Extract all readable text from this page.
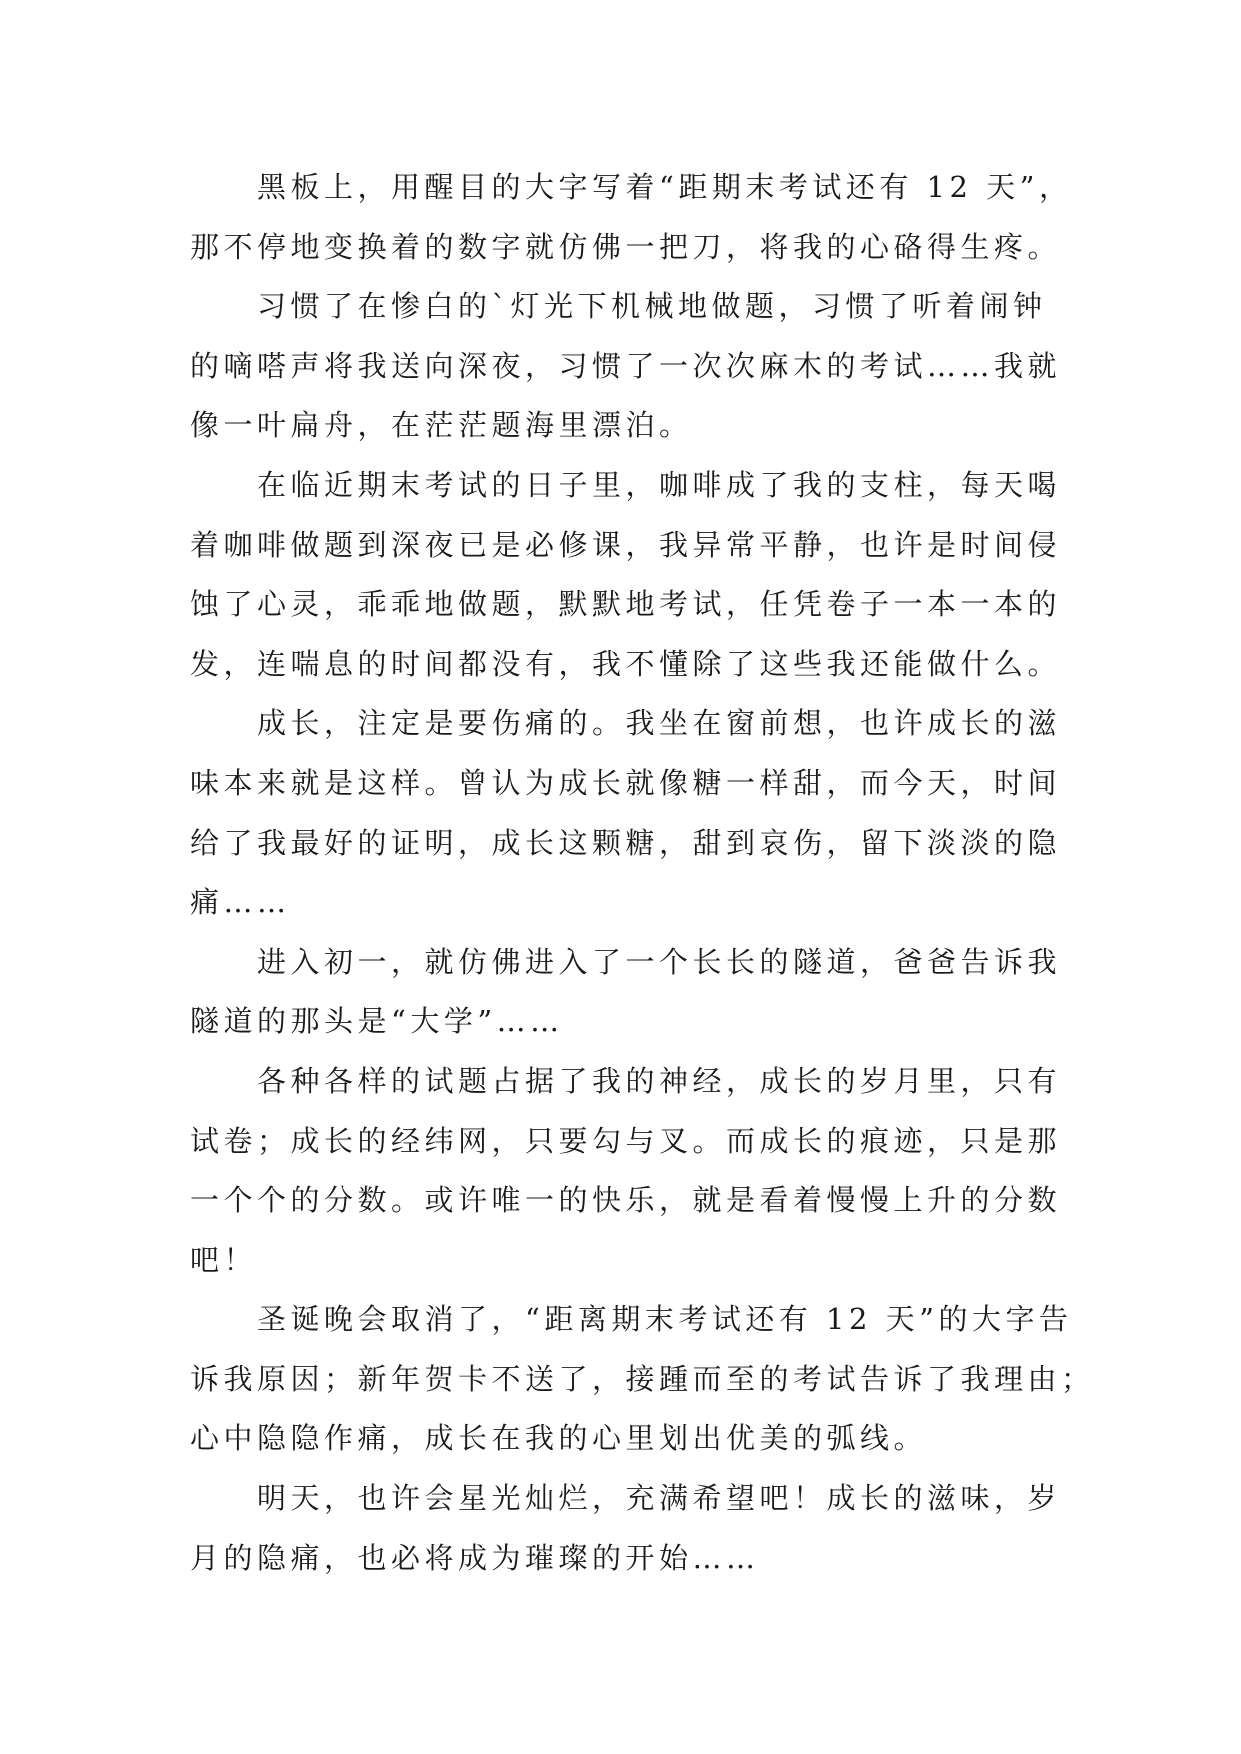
黑板上，用醒目的大字写着“距期末考试还有 12 天”，
那不停地变换着的数字就仿佛一把刀，将我的心硌得生疼。
习惯了在惨白的`灯光下机械地做题，习惯了听着闹钟
的嘀嗒声将我送向深夜，习惯了一次次麻木的考试……我就
像一叶扁舟，在茫茫题海里漂泊。
在临近期末考试的日子里，咖啡成了我的支柱，每天喝
着咖啡做题到深夜已是必修课，我异常平静，也许是时间侵
蚀了心灵，乖乖地做题，默默地考试，任凭卷子一本一本的
发，连喘息的时间都没有，我不懂除了这些我还能做什么。
成长，注定是要伤痛的。我坐在窗前想，也许成长的滋
味本来就是这样。曾认为成长就像糖一样甜，而今天，时间
给了我最好的证明，成长这颗糖，甜到哀伤，留下淡淡的隐
痛……
进入初一，就仿佛进入了一个长长的隧道，爸爸告诉我
隧道的那头是“大学”……
各种各样的试题占据了我的神经，成长的岁月里，只有
试卷；成长的经纬网，只要勾与叉。而成长的痕迹，只是那
一个个的分数。或许唯一的快乐，就是看着慢慢上升的分数
吧！
圣诞晚会取消了，“距离期末考试还有 12 天”的大字告
诉我原因；新年贺卡不送了，接踵而至的考试告诉了我理由；
心中隐隐作痛，成长在我的心里划出优美的弧线。
明天，也许会星光灿烂，充满希望吧！成长的滋味，岁
月的隐痛，也必将成为璀璨的开始……
